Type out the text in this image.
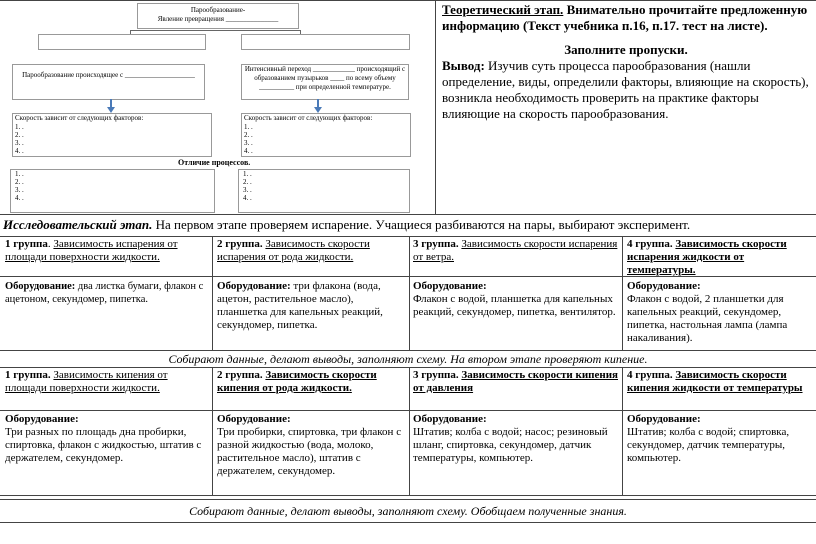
Парообразование-
Явление превращения _______________
Парообразование происходящее с ____________________
Интенсивный переход ____________ происходящий с
образованием пузырьков ____ по всему объему
__________ при определенной температуре.
Скорость зависит от следующих факторов:
1. .
2. .
3. .
4. .
Скорость зависит от следующих факторов:
1. .
2. .
3. .
4. .
Отличие процессов.
1. .
2. .
3. .
4. .
1. .
2. .
3. .
4. .
Теоретический этап. Внимательно прочитайте предложенную информацию (Текст учебника п.16, п.17. тест на листе).
Заполните пропуски.
Вывод: Изучив суть процесса парообразования (нашли определение, виды, определили факторы, влияющие на скорость), возникла необходимость проверить на практике факторы влияющие на скорость парообразования.
Исследовательский этап. На первом этапе проверяем испарение. Учащиеся разбиваются на пары, выбирают эксперимент.
1 группа. Зависимость испарения от площади поверхности жидкости.
2 группа. Зависимость скорости испарения от рода жидкости.
3 группа. Зависимость скорости испарения от ветра.
4 группа. Зависимость скорости испарения жидкости от температуры.
Оборудование: два листка бумаги, флакон с ацетоном, секундомер, пипетка.
Оборудование: три флакона (вода, ацетон, растительное масло), планшетка для капельных реакций, секундомер, пипетка.
Оборудование:
Флакон с водой, планшетка для капельных реакций, секундомер, пипетка, вентилятор.
Оборудование:
Флакон с водой, 2 планшетки для капельных реакций, секундомер, пипетка, настольная лампа (лампа накаливания).
Собирают данные, делают выводы, заполняют схему. На втором этапе проверяют кипение.
1 группа. Зависимость кипения от площади поверхности жидкости.
2 группа. Зависимость скорости кипения от рода жидкости.
3 группа. Зависимость скорости кипения от давления
4 группа. Зависимость скорости кипения жидкости от температуры
Оборудование:
Три разных по площадь дна пробирки, спиртовка, флакон с жидкостью, штатив с держателем, секундомер.
Оборудование:
Три пробирки, спиртовка, три флакон с разной жидкостью (вода, молоко, растительное масло), штатив с держателем, секундомер.
Оборудование:
Штатив; колба с водой; насос; резиновый шланг, спиртовка, секундомер, датчик температуры, компьютер.
Оборудование:
Штатив; колба с водой; спиртовка, секундомер, датчик температуры, компьютер.
Собирают данные, делают выводы, заполняют схему. Обобщаем полученные знания.
